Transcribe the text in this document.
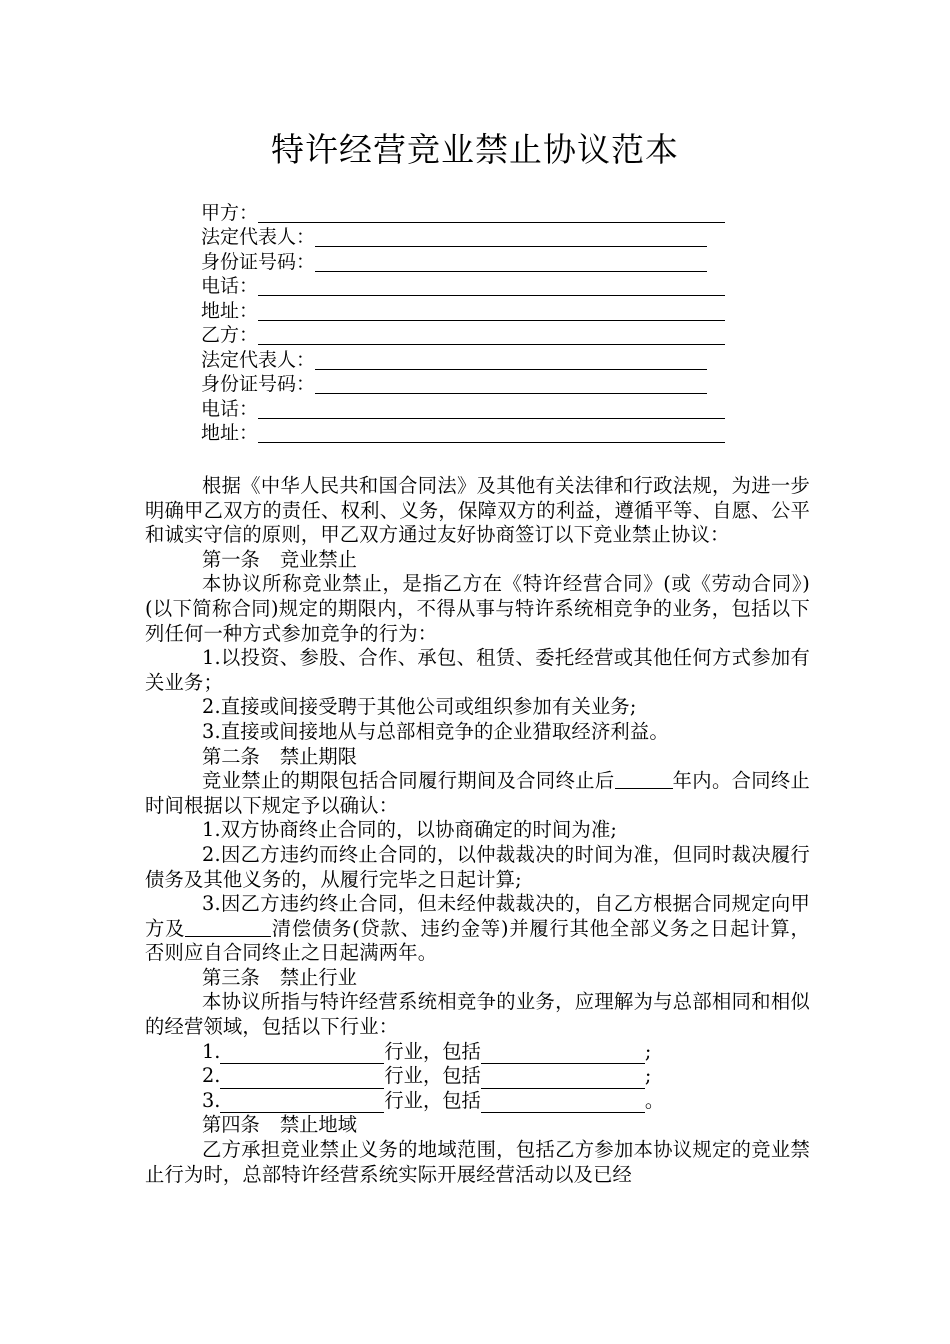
特许经营竞业禁止协议范本
甲方：
法定代表人：
身份证号码：
电话：
地址：
乙方：
法定代表人：
身份证号码：
电话：
地址：

根据《中华人民共和国合同法》及其他有关法律和行政法规，为进一步明确甲乙双方的责任、权利、义务，保障双方的利益，遵循平等、自愿、公平和诚实守信的原则，甲乙双方通过友好协商签订以下竞业禁止协议：

第一条 竞业禁止

本协议所称竞业禁止，是指乙方在《特许经营合同》(或《劳动合同》)(以下简称合同)规定的期限内，不得从事与特许系统相竞争的业务，包括以下列任何一种方式参加竞争的行为：

1.以投资、参股、合作、承包、租赁、委托经营或其他任何方式参加有关业务；

2.直接或间接受聘于其他公司或组织参加有关业务;

3.直接或间接地从与总部相竞争的企业猎取经济利益。

第二条 禁止期限

竞业禁止的期限包括合同履行期间及合同终止后	年内。合同终止时间根据以下规定予以确认：

1.双方协商终止合同的，以协商确定的时间为准;

2.因乙方违约而终止合同的，以仲裁裁决的时间为准，但同时裁决履行债务及其他义务的，从履行完毕之日起计算;

3.因乙方违约终止合同，但未经仲裁裁决的，自乙方根据合同规定向甲方及	清偿债务(贷款、违约金等)并履行其他全部义务之日起计算，否则应自合同终止之日起满两年。

第三条 禁止行业

本协议所指与特许经营系统相竞争的业务，应理解为与总部相同和相似的经营领域，包括以下行业：

1.	行业，包括	;

2.	行业，包括	;

3.	行业，包括	。

第四条 禁止地域

乙方承担竞业禁止义务的地域范围，包括乙方参加本协议规定的竞业禁止行为时，总部特许经营系统实际开展经营活动以及已经
